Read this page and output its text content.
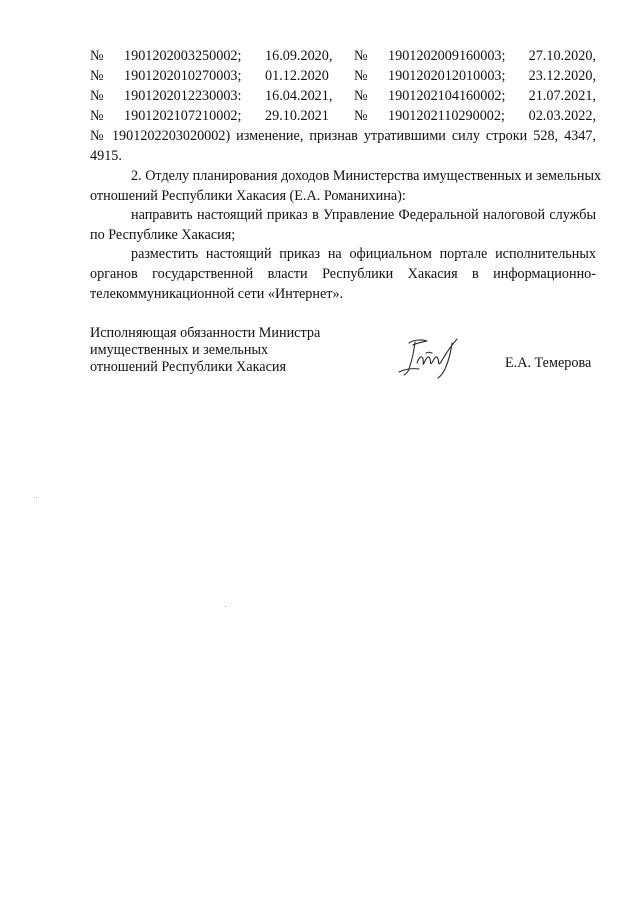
№ 1901202003250002; 16.09.2020, № 1901202009160003; 27.10.2020,
№ 1901202010270003; 01.12.2020 № 1901202012010003; 23.12.2020,
№ 1901202012230003: 16.04.2021, № 1901202104160002; 21.07.2021,
№ 1901202107210002; 29.10.2021 № 1901202110290002; 02.03.2022,
№ 1901202203020002) изменение, признав утратившими силу строки 528, 4347,
4915.
2. Отделу планирования доходов Министерства имущественных и земельных
отношений Республики Хакасия (Е.А. Романихина):
направить настоящий приказ в Управление Федеральной налоговой службы
по Республике Хакасия;
разместить настоящий приказ на официальном портале исполнительных
органов государственной власти Республики Хакасия в информационно-
телекоммуникационной сети «Интернет».
Исполняющая обязанности Министра
имущественных и земельных
отношений Республики Хакасия	Е.А. Темерова
